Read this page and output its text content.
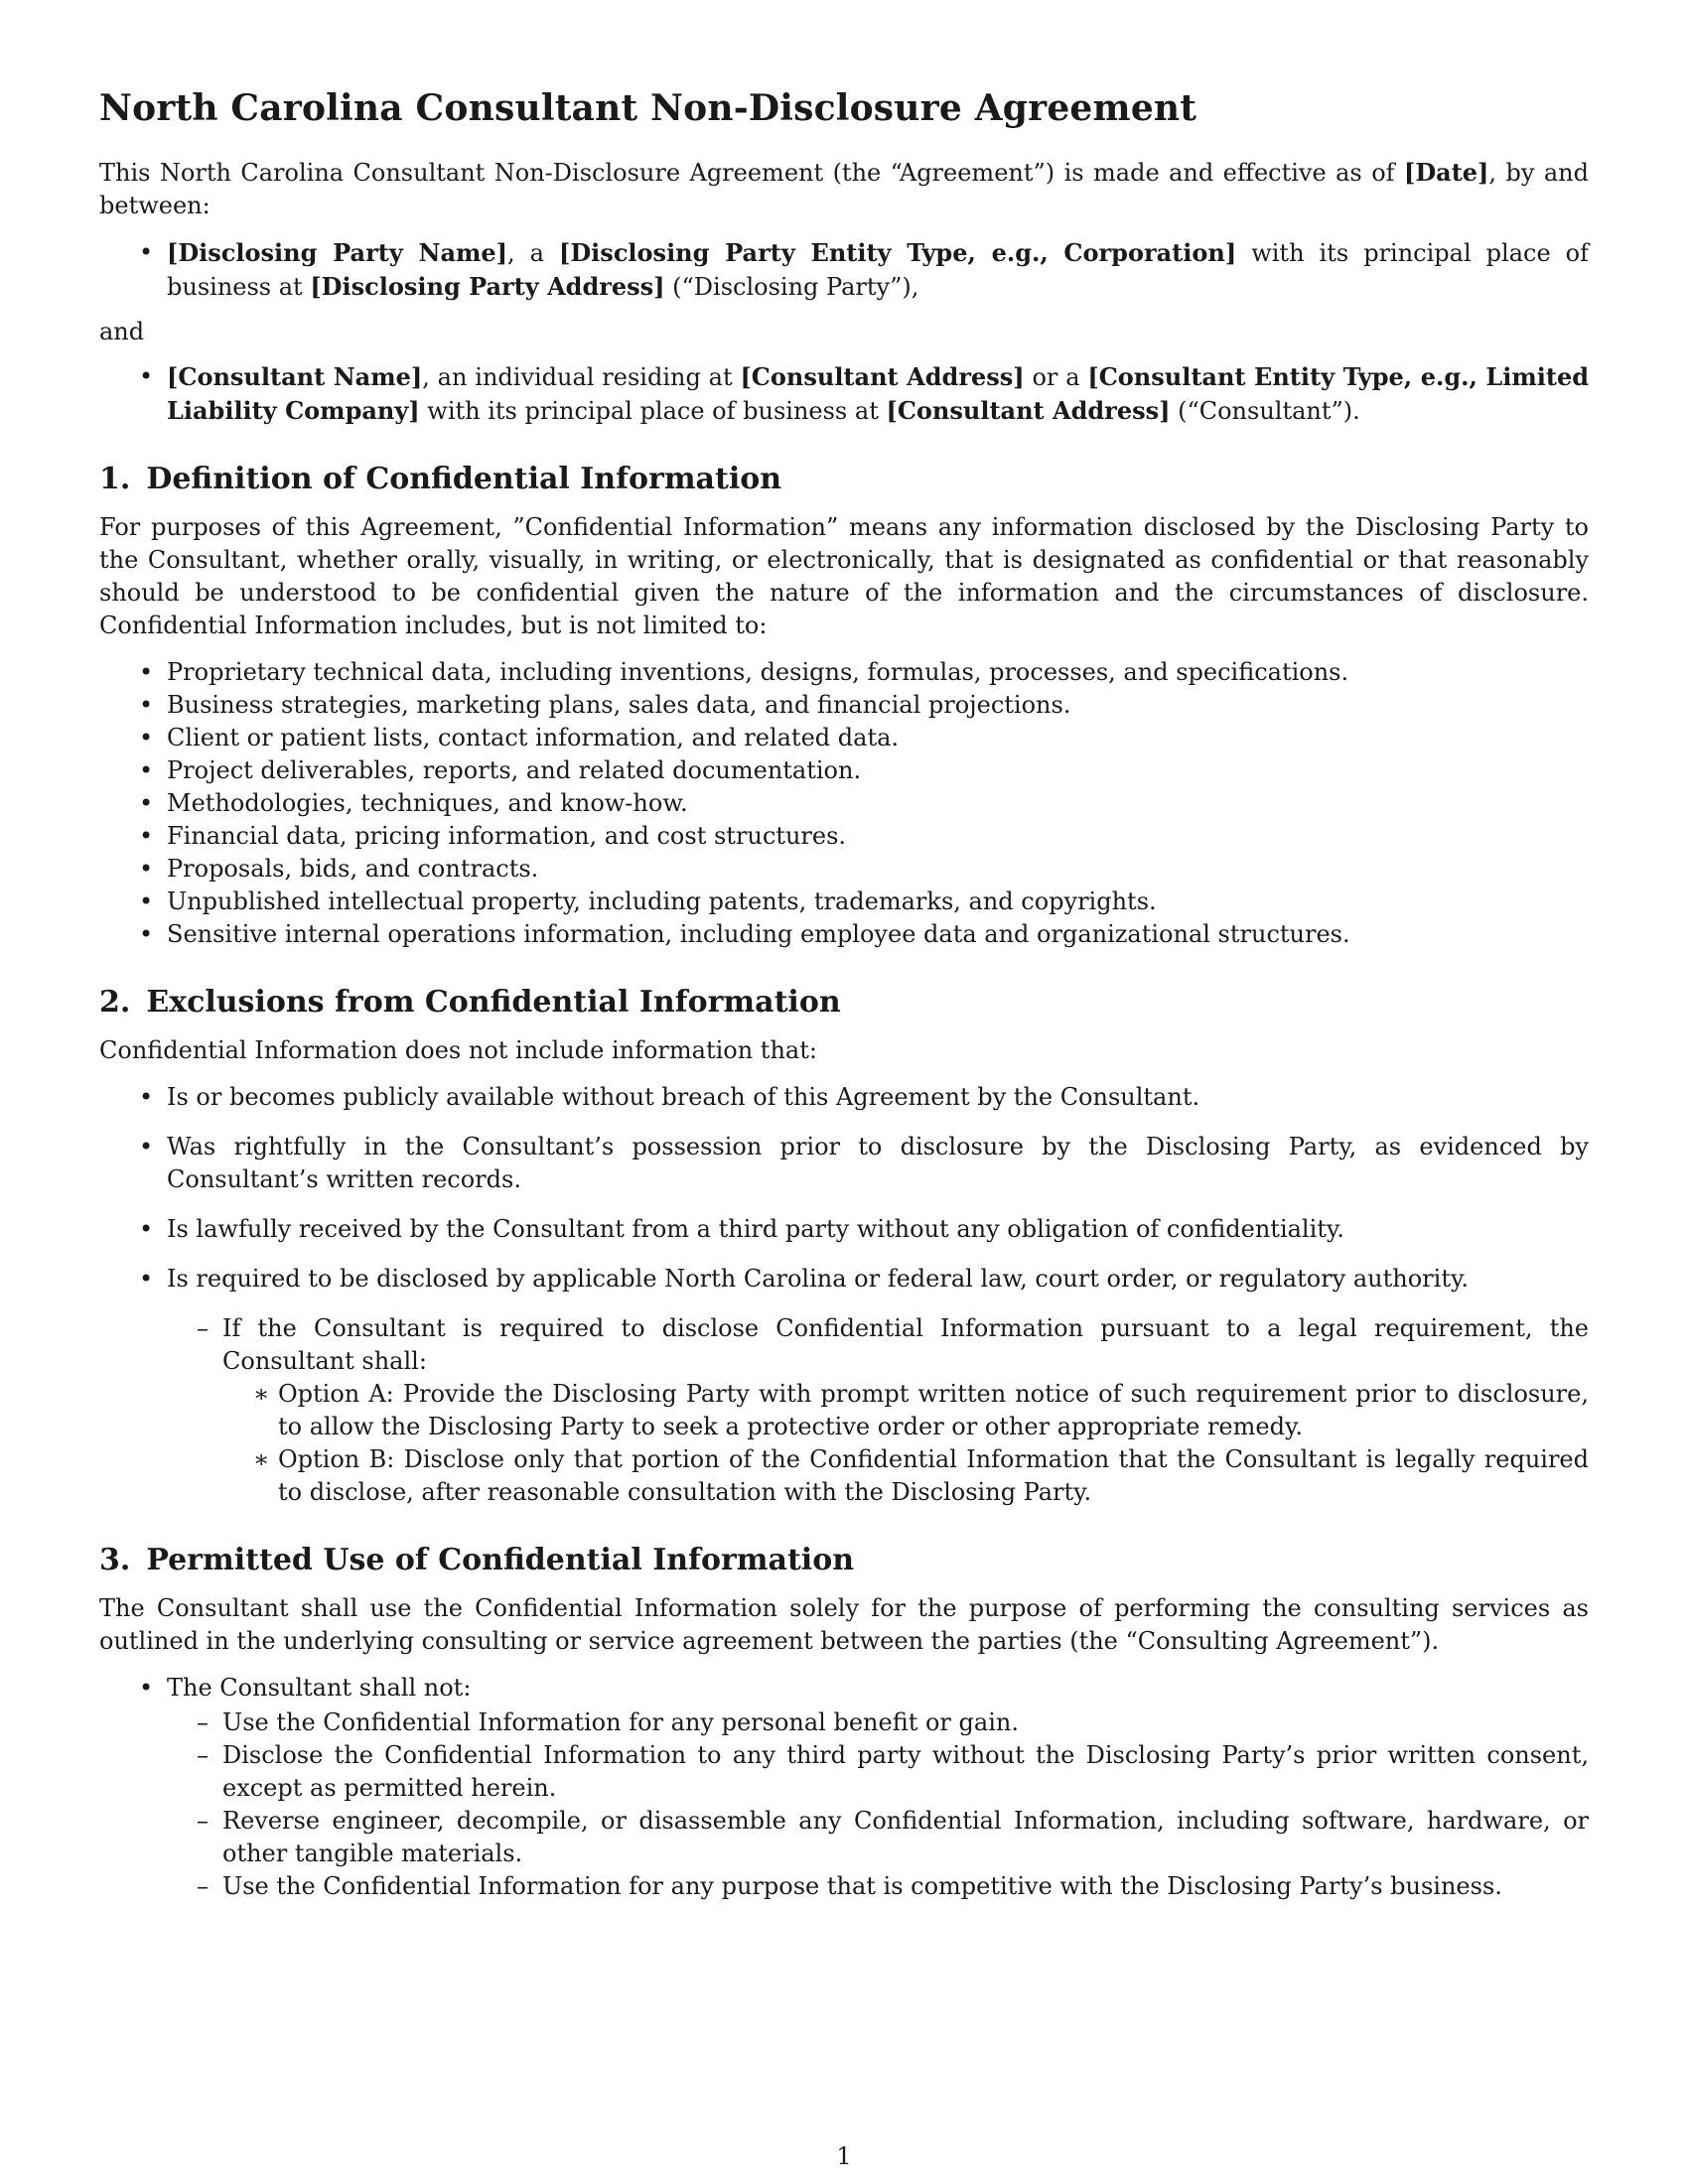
North Carolina Consultant Non-Disclosure Agreement

This North Carolina Consultant Non-Disclosure Agreement (the “Agreement”) is made and effective as of [Date], by and between:

• [Disclosing Party Name], a [Disclosing Party Entity Type, e.g., Corporation] with its principal place of business at [Disclosing Party Address] (“Disclosing Party”),
and
• [Consultant Name], an individual residing at [Consultant Address] or a [Consultant Entity Type, e.g., Limited Liability Company] with its principal place of business at [Consultant Address] (“Consultant”).
1. Definition of Confidential Information

For purposes of this Agreement, ”Confidential Information” means any information disclosed by the Disclosing Party to the Consultant, whether orally, visually, in writing, or electronically, that is designated as confidential or that reasonably should be understood to be confidential given the nature of the information and the circumstances of disclosure. Confidential Information includes, but is not limited to:

• Proprietary technical data, including inventions, designs, formulas, processes, and specifications.
• Business strategies, marketing plans, sales data, and financial projections.
• Client or patient lists, contact information, and related data.
• Project deliverables, reports, and related documentation.
• Methodologies, techniques, and know-how.
• Financial data, pricing information, and cost structures.
• Proposals, bids, and contracts.
• Unpublished intellectual property, including patents, trademarks, and copyrights.
• Sensitive internal operations information, including employee data and organizational structures.
2. Exclusions from Confidential Information

Confidential Information does not include information that:

• Is or becomes publicly available without breach of this Agreement by the Consultant.
• Was rightfully in the Consultant’s possession prior to disclosure by the Disclosing Party, as evidenced by Consultant’s written records.
• Is lawfully received by the Consultant from a third party without any obligation of confidentiality.
• Is required to be disclosed by applicable North Carolina or federal law, court order, or regulatory authority.
– If the Consultant is required to disclose Confidential Information pursuant to a legal requirement, the Consultant shall:
∗ Option A: Provide the Disclosing Party with prompt written notice of such requirement prior to disclosure, to allow the Disclosing Party to seek a protective order or other appropriate remedy.
∗ Option B: Disclose only that portion of the Confidential Information that the Consultant is legally required to disclose, after reasonable consultation with the Disclosing Party.
3. Permitted Use of Confidential Information

The Consultant shall use the Confidential Information solely for the purpose of performing the consulting services as outlined in the underlying consulting or service agreement between the parties (the “Consulting Agreement”).

• The Consultant shall not:
– Use the Confidential Information for any personal benefit or gain.
– Disclose the Confidential Information to any third party without the Disclosing Party’s prior written consent, except as permitted herein.
– Reverse engineer, decompile, or disassemble any Confidential Information, including software, hardware, or other tangible materials.
– Use the Confidential Information for any purpose that is competitive with the Disclosing Party’s business.
1
